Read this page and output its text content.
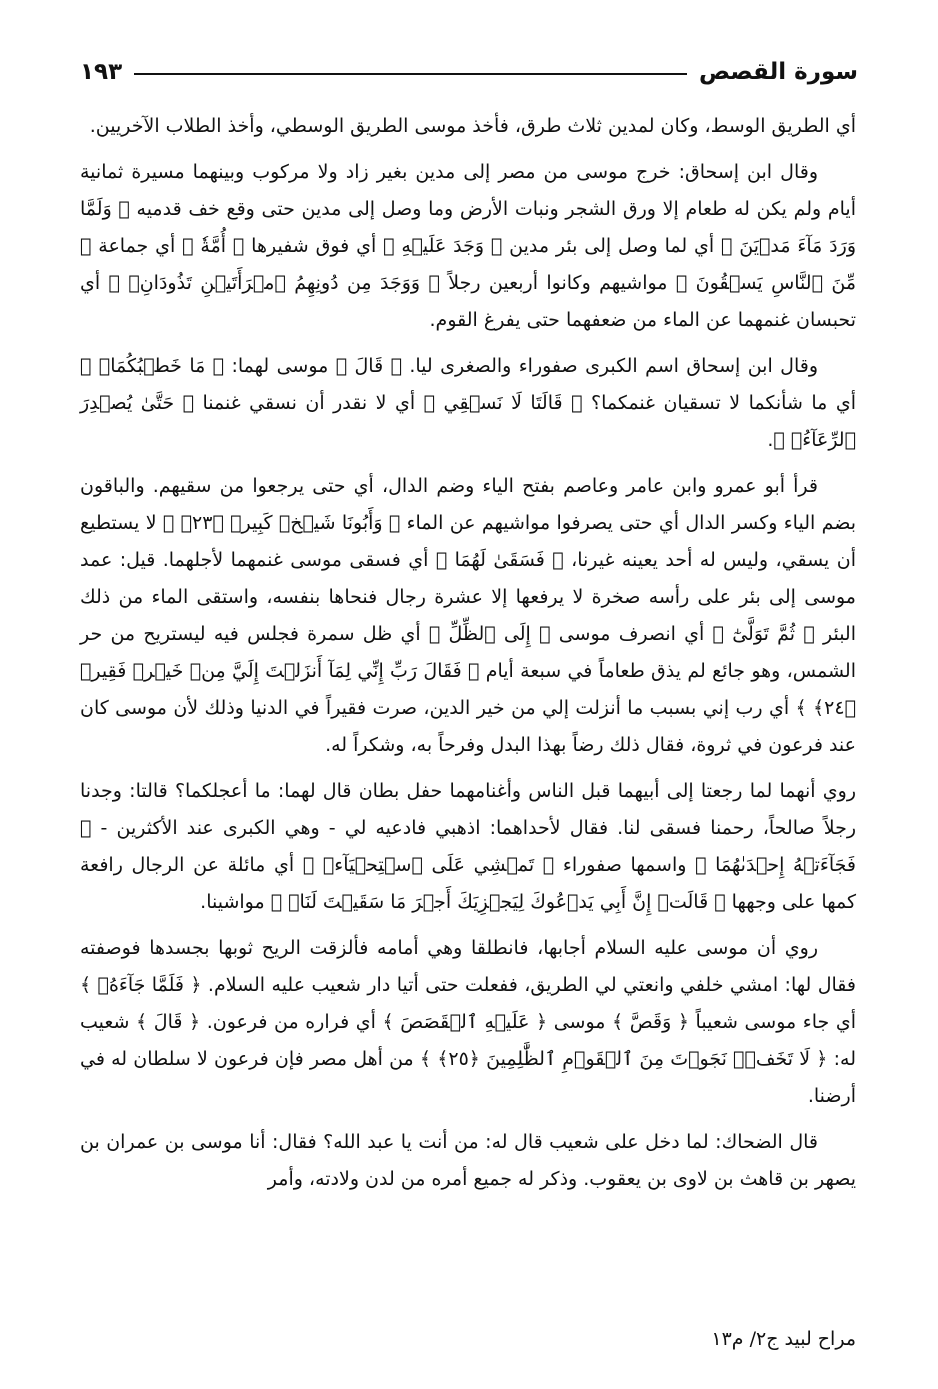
سورة القصص
١٩٣

أي الطريق الوسط، وكان لمدين ثلاث طرق، فأخذ موسى الطريق الوسطي، وأخذ الطلاب الآخريين.

وقال ابن إسحاق: خرج موسى من مصر إلى مدين بغير زاد ولا مركوب وبينهما مسيرة ثمانية أيام ولم يكن له طعام إلا ورق الشجر ونبات الأرض وما وصل إلى مدين حتى وقع خف قدميه ﴿ وَلَمَّا وَرَدَ مَآءَ مَدۡيَنَ ﴾ أي لما وصل إلى بئر مدين ﴿ وَجَدَ عَلَيۡهِ ﴾ أي فوق شفيرها ﴿ أُمَّةٗ ﴾ أي جماعة ﴿ مِّنَ ٱلنَّاسِ يَسۡقُونَ ﴾ مواشيهم وكانوا أربعين رجلاً ﴿ وَوَجَدَ مِن دُونِهِمُ ٱمۡرَأَتَيۡنِ تَذُودَانِۖ ﴾ أي تحبسان غنمهما عن الماء من ضعفهما حتى يفرغ القوم.

وقال ابن إسحاق اسم الكبرى صفوراء والصغرى ليا. ﴿ قَالَ ﴾ موسى لهما: ﴿ مَا خَطۡبُكُمَاۖ ﴾ أي ما شأنكما لا تسقيان غنمكما؟ ﴿ قَالَتَا لَا نَسۡقِي ﴾ أي لا نقدر أن نسقي غنمنا ﴿ حَتَّىٰ يُصۡدِرَ ٱلرِّعَآءُۖ ﴾.

قرأ أبو عمرو وابن عامر وعاصم بفتح الياء وضم الدال، أي حتى يرجعوا من سقيهم. والباقون بضم الياء وكسر الدال أي حتى يصرفوا مواشيهم عن الماء ﴿ وَأَبُونَا شَيۡخٞ كَبِيرٞ ﴿٢٣﴾ ﴾ لا يستطيع أن يسقي، وليس له أحد يعينه غيرنا، ﴿ فَسَقَىٰ لَهُمَا ﴾ أي فسقى موسى غنمهما لأجلهما. قيل: عمد موسى إلى بئر على رأسه صخرة لا يرفعها إلا عشرة رجال فنحاها بنفسه، واستقى الماء من ذلك البئر ﴿ ثُمَّ تَوَلَّىٰٓ ﴾ أي انصرف موسى ﴿ إِلَى ٱلظِّلِّ ﴾ أي ظل سمرة فجلس فيه ليستريح من حر الشمس، وهو جائع لم يذق طعاماً في سبعة أيام ﴿ فَقَالَ رَبِّ إِنِّي لِمَآ أَنزَلۡتَ إِلَيَّ مِنۡ خَيۡرٖ فَقِيرٞ ﴿٢٤﴾ ﴾ أي رب إني بسبب ما أنزلت إلي من خير الدين، صرت فقيراً في الدنيا وذلك لأن موسى كان عند فرعون في ثروة، فقال ذلك رضاً بهذا البدل وفرحاً به، وشكراً له.

روي أنهما لما رجعتا إلى أبيهما قبل الناس وأغنامهما حفل بطان قال لهما: ما أعجلكما؟ قالتا: وجدنا رجلاً صالحاً، رحمنا فسقى لنا. فقال لأحداهما: اذهبي فادعيه لي - وهي الكبرى عند الأكثرين - ﴿ فَجَآءَتۡهُ إِحۡدَىٰهُمَا ﴾ واسمها صفوراء ﴿ تَمۡشِي عَلَى ٱسۡتِحۡيَآءٖ ﴾ أي مائلة عن الرجال رافعة كمها على وجهها ﴿ قَالَتۡ إِنَّ أَبِي يَدۡعُوكَ لِيَجۡزِيَكَ أَجۡرَ مَا سَقَيۡتَ لَنَاۚ ﴾ مواشينا.

روي أن موسى عليه السلام أجابها، فانطلقا وهي أمامه فألزقت الريح ثوبها بجسدها فوصفته فقال لها: امشي خلفي وانعتي لي الطريق، ففعلت حتى أتيا دار شعيب عليه السلام. ﴿ فَلَمَّا جَآءَهُۥ ﴾ أي جاء موسى شعيباً ﴿ وَقَصَّ ﴾ موسى ﴿ عَلَيۡهِ ٱلۡقَصَصَ ﴾ أي فراره من فرعون. ﴿ قَالَ ﴾ شعيب له: ﴿ لَا تَخَفۡۖ نَجَوۡتَ مِنَ ٱلۡقَوۡمِ ٱلظَّٰلِمِينَ ﴿٢٥﴾ ﴾ من أهل مصر فإن فرعون لا سلطان له في أرضنا.

قال الضحاك: لما دخل على شعيب قال له: من أنت يا عبد الله؟ فقال: أنا موسى بن عمران بن يصهر بن قاهث بن لاوى بن يعقوب. وذكر له جميع أمره من لدن ولادته، وأمر

مراح لبيد ج٢/ م١٣
